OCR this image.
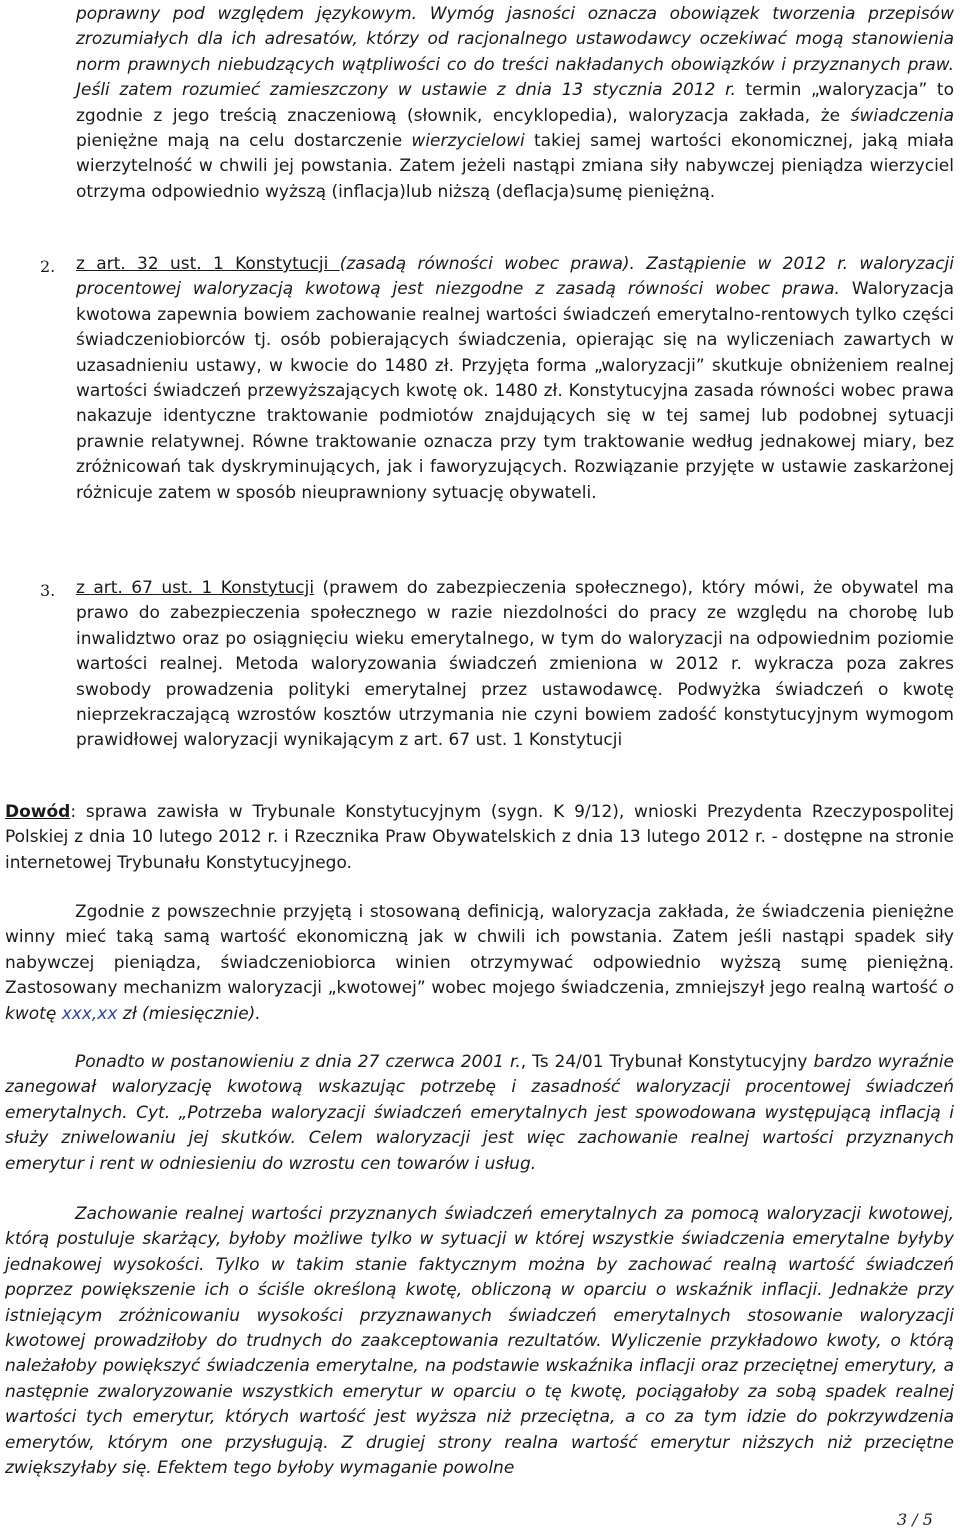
poprawny pod względem językowym. Wymóg jasności oznacza obowiązek tworzenia przepisów zrozumiałych dla ich adresatów, którzy od racjonalnego ustawodawcy oczekiwać mogą stanowienia norm prawnych niebudzących wątpliwości co do treści nakładanych obowiązków i przyznanych praw. Jeśli zatem rozumieć zamieszczony w ustawie z dnia 13 stycznia 2012 r. termin „waloryzacja” to zgodnie z jego treścią znaczeniową (słownik, encyklopedia), waloryzacja zakłada, że świadczenia pieniężne mają na celu dostarczenie wierzycielowi takiej samej wartości ekonomicznej, jaką miała wierzytelność w chwili jej powstania. Zatem jeżeli nastąpi zmiana siły nabywczej pieniądza wierzyciel otrzyma odpowiednio wyższą (inflacja)lub niższą (deflacja)sumę pieniężną.

2. z art. 32 ust. 1 Konstytucji (zasadą równości wobec prawa). Zastąpienie w 2012 r. waloryzacji procentowej waloryzacją kwotową jest niezgodne z zasadą równości wobec prawa. Waloryzacja kwotowa zapewnia bowiem zachowanie realnej wartości świadczeń emerytalno-rentowych tylko części świadczeniobiorców tj. osób pobierających świadczenia, opierając się na wyliczeniach zawartych w uzasadnieniu ustawy, w kwocie do 1480 zł. Przyjęta forma „waloryzacji” skutkuje obniżeniem realnej wartości świadczeń przewyższających kwotę ok. 1480 zł. Konstytucyjna zasada równości wobec prawa nakazuje identyczne traktowanie podmiotów znajdujących się w tej samej lub podobnej sytuacji prawnie relatywnej. Równe traktowanie oznacza przy tym traktowanie według jednakowej miary, bez zróżnicowań tak dyskryminujących, jak i faworyzujących. Rozwiązanie przyjęte w ustawie zaskarżonej różnicuje zatem w sposób nieuprawniony sytuację obywateli.

3. z art. 67 ust. 1 Konstytucji (prawem do zabezpieczenia społecznego), który mówi, że obywatel ma prawo do zabezpieczenia społecznego w razie niezdolności do pracy ze względu na chorobę lub inwalidztwo oraz po osiągnięciu wieku emerytalnego, w tym do waloryzacji na odpowiednim poziomie wartości realnej. Metoda waloryzowania świadczeń zmieniona w 2012 r. wykracza poza zakres swobody prowadzenia polityki emerytalnej przez ustawodawcę. Podwyżka świadczeń o kwotę nieprzekraczającą wzrostów kosztów utrzymania nie czyni bowiem zadość konstytucyjnym wymogom prawidłowej waloryzacji wynikającym z art. 67 ust. 1 Konstytucji

Dowód: sprawa zawisła w Trybunale Konstytucyjnym (sygn. K 9/12), wnioski Prezydenta Rzeczypospolitej Polskiej z dnia 10 lutego 2012 r. i Rzecznika Praw Obywatelskich z dnia 13 lutego 2012 r. - dostępne na stronie internetowej Trybunału Konstytucyjnego.

Zgodnie z powszechnie przyjętą i stosowaną definicją, waloryzacja zakłada, że świadczenia pieniężne winny mieć taką samą wartość ekonomiczną jak w chwili ich powstania. Zatem jeśli nastąpi spadek siły nabywczej pieniądza, świadczeniobiorca winien otrzymywać odpowiednio wyższą sumę pieniężną. Zastosowany mechanizm waloryzacji „kwotowej” wobec mojego świadczenia, zmniejszył jego realną wartość o kwotę xxx,xx zł (miesięcznie).

Ponadto w postanowieniu z dnia 27 czerwca 2001 r., Ts 24/01 Trybunał Konstytucyjny bardzo wyraźnie zanegował waloryzację kwotową wskazując potrzebę i zasadność waloryzacji procentowej świadczeń emerytalnych. Cyt. „Potrzeba waloryzacji świadczeń emerytalnych jest spowodowana występującą inflacją i służy zniwelowaniu jej skutków. Celem waloryzacji jest więc zachowanie realnej wartości przyznanych emerytur i rent w odniesieniu do wzrostu cen towarów i usług.

Zachowanie realnej wartości przyznanych świadczeń emerytalnych za pomocą waloryzacji kwotowej, którą postuluje skarżący, byłoby możliwe tylko w sytuacji w której wszystkie świadczenia emerytalne byłyby jednakowej wysokości. Tylko w takim stanie faktycznym można by zachować realną wartość świadczeń poprzez powiększenie ich o ściśle określoną kwotę, obliczoną w oparciu o wskaźnik inflacji. Jednakże przy istniejącym zróżnicowaniu wysokości przyznawanych świadczeń emerytalnych stosowanie waloryzacji kwotowej prowadziłoby do trudnych do zaakceptowania rezultatów. Wyliczenie przykładowo kwoty, o którą należałoby powiększyć świadczenia emerytalne, na podstawie wskaźnika inflacji oraz przeciętnej emerytury, a następnie zwaloryzowanie wszystkich emerytur w oparciu o tę kwotę, pociągałoby za sobą spadek realnej wartości tych emerytur, których wartość jest wyższa niż przeciętna, a co za tym idzie do pokrzywdzenia emerytów, którym one przysługują. Z drugiej strony realna wartość emerytur niższych niż przeciętne zwiększyłaby się. Efektem tego byłoby wymaganie powolne

3 / 5
